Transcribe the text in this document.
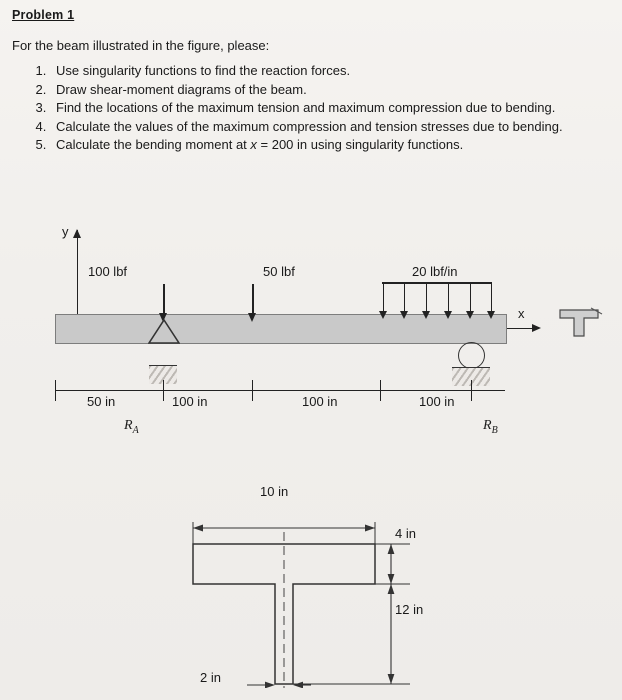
Problem 1
For the beam illustrated in the figure, please:
1. Use singularity functions to find the reaction forces.
2. Draw shear-moment diagrams of the beam.
3. Find the locations of the maximum tension and maximum compression due to bending.
4. Calculate the values of the maximum compression and tension stresses due to bending.
5. Calculate the bending moment at x = 200 in using singularity functions.
y
x
100 lbf	50 lbf	20 lbf/in
50 in	100 in	100 in	100 in
$R_A$	$R_B$
10 in
4 in
12 in
2 in
